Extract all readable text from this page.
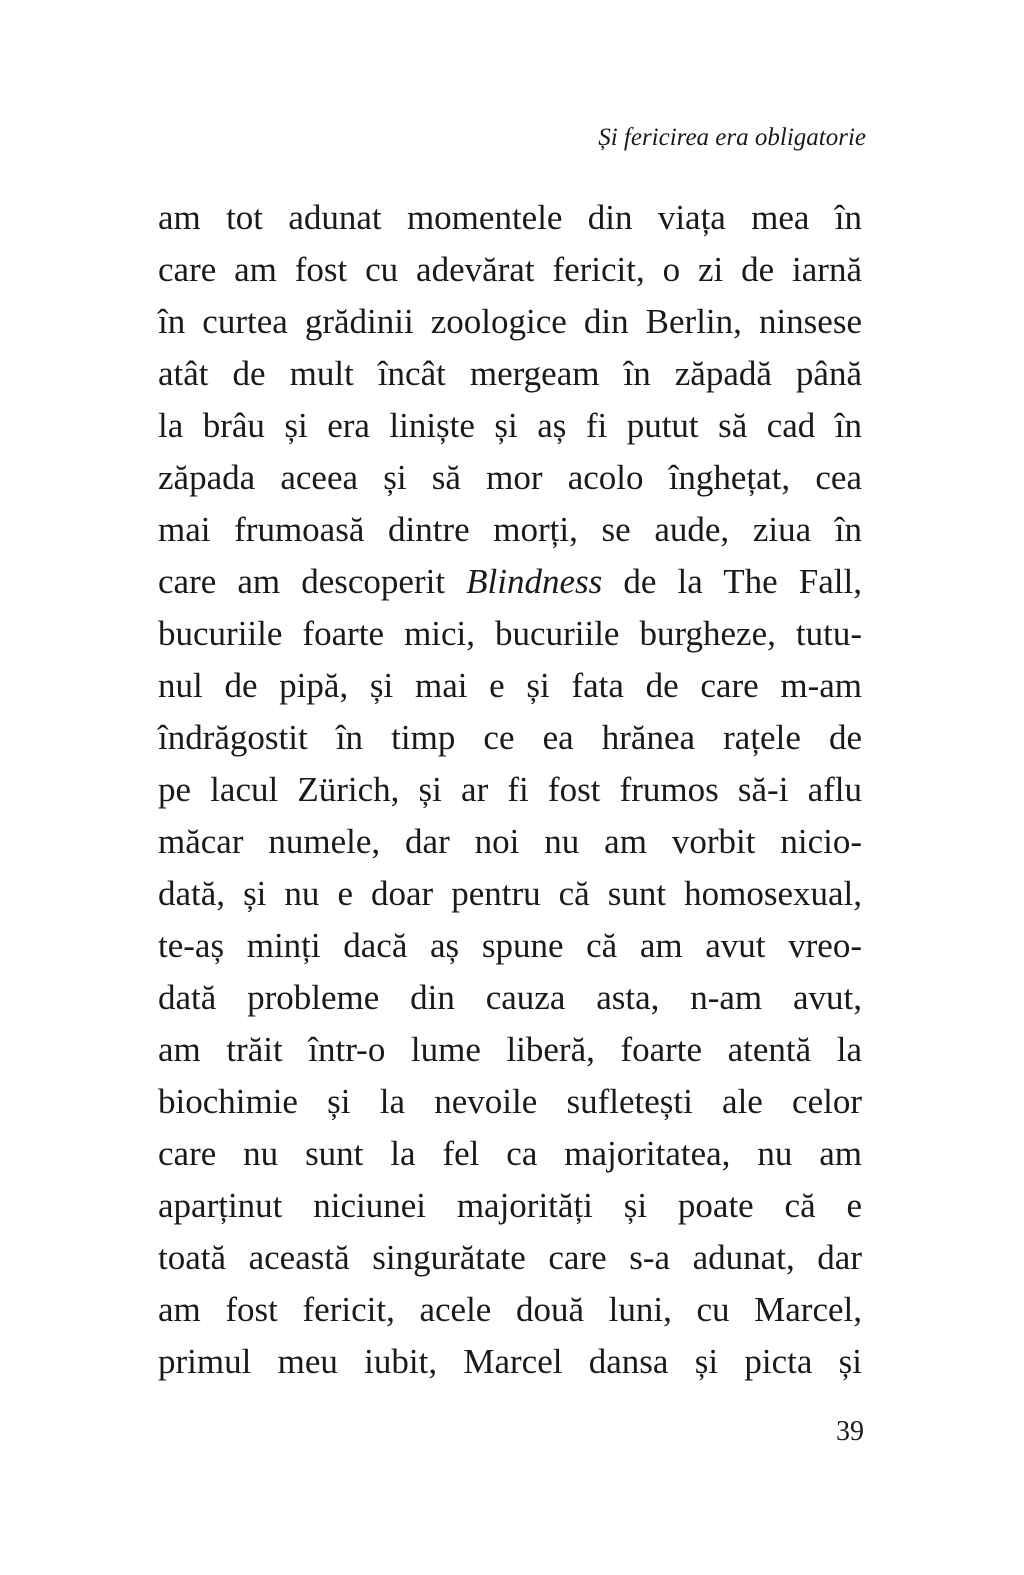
Și fericirea era obligatorie
am tot adunat momentele din viața mea în
care am fost cu adevărat fericit, o zi de iarnă
în curtea grădinii zoologice din Berlin, ninsese
atât de mult încât mergeam în zăpadă până
la brâu și era liniște și aș fi putut să cad în
zăpada aceea și să mor acolo înghețat, cea
mai frumoasă dintre morți, se aude, ziua în
care am descoperit Blindness de la The Fall,
bucuriile foarte mici, bucuriile burgheze, tutu-
nul de pipă, și mai e și fata de care m-am
îndrăgostit în timp ce ea hrănea rațele de
pe lacul Zürich, și ar fi fost frumos să-i aflu
măcar numele, dar noi nu am vorbit nicio-
dată, și nu e doar pentru că sunt homosexual,
te-aș minți dacă aș spune că am avut vreo-
dată probleme din cauza asta, n-am avut,
am trăit într-o lume liberă, foarte atentă la
biochimie și la nevoile sufletești ale celor
care nu sunt la fel ca majoritatea, nu am
aparținut niciunei majorități și poate că e
toată această singurătate care s-a adunat, dar
am fost fericit, acele două luni, cu Marcel,
primul meu iubit, Marcel dansa și picta și
39
